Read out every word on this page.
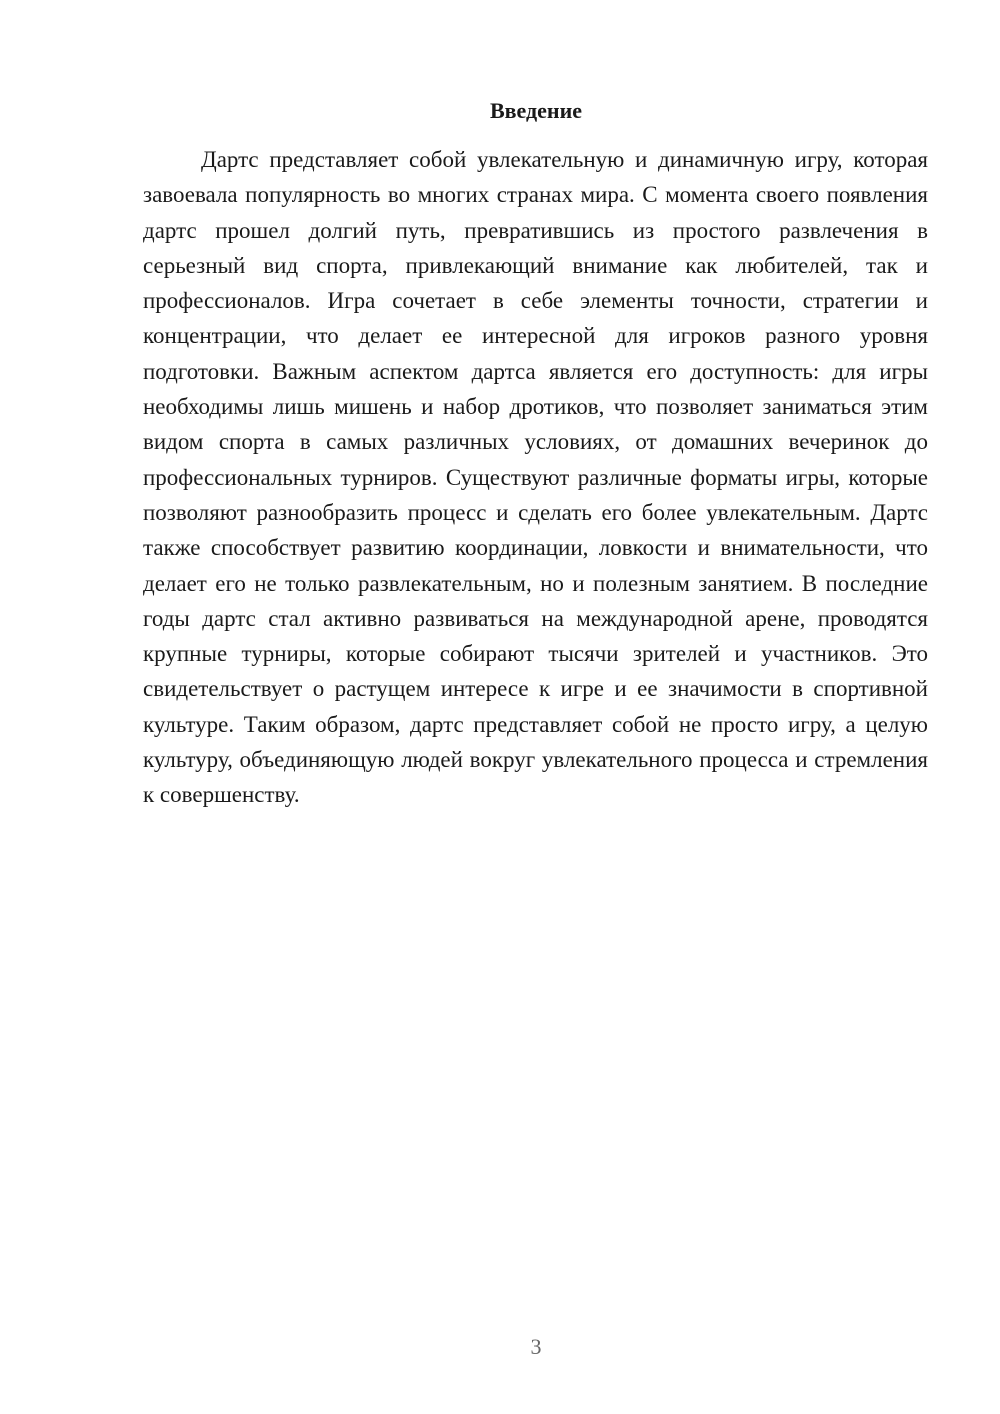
Введение

Дартс представляет собой увлекательную и динамичную игру, которая завоевала популярность во многих странах мира. С момента своего появления дартс прошел долгий путь, превратившись из простого развлечения в серьезный вид спорта, привлекающий внимание как любителей, так и профессионалов. Игра сочетает в себе элементы точности, стратегии и концентрации, что делает ее интересной для игроков разного уровня подготовки. Важным аспектом дартса является его доступность: для игры необходимы лишь мишень и набор дротиков, что позволяет заниматься этим видом спорта в самых различных условиях, от домашних вечеринок до профессиональных турниров. Существуют различные форматы игры, которые позволяют разнообразить процесс и сделать его более увлекательным. Дартс также способствует развитию координации, ловкости и внимательности, что делает его не только развлекательным, но и полезным занятием. В последние годы дартс стал активно развиваться на международной арене, проводятся крупные турниры, которые собирают тысячи зрителей и участников. Это свидетельствует о растущем интересе к игре и ее значимости в спортивной культуре. Таким образом, дартс представляет собой не просто игру, а целую культуру, объединяющую людей вокруг увлекательного процесса и стремления к совершенству.

3
